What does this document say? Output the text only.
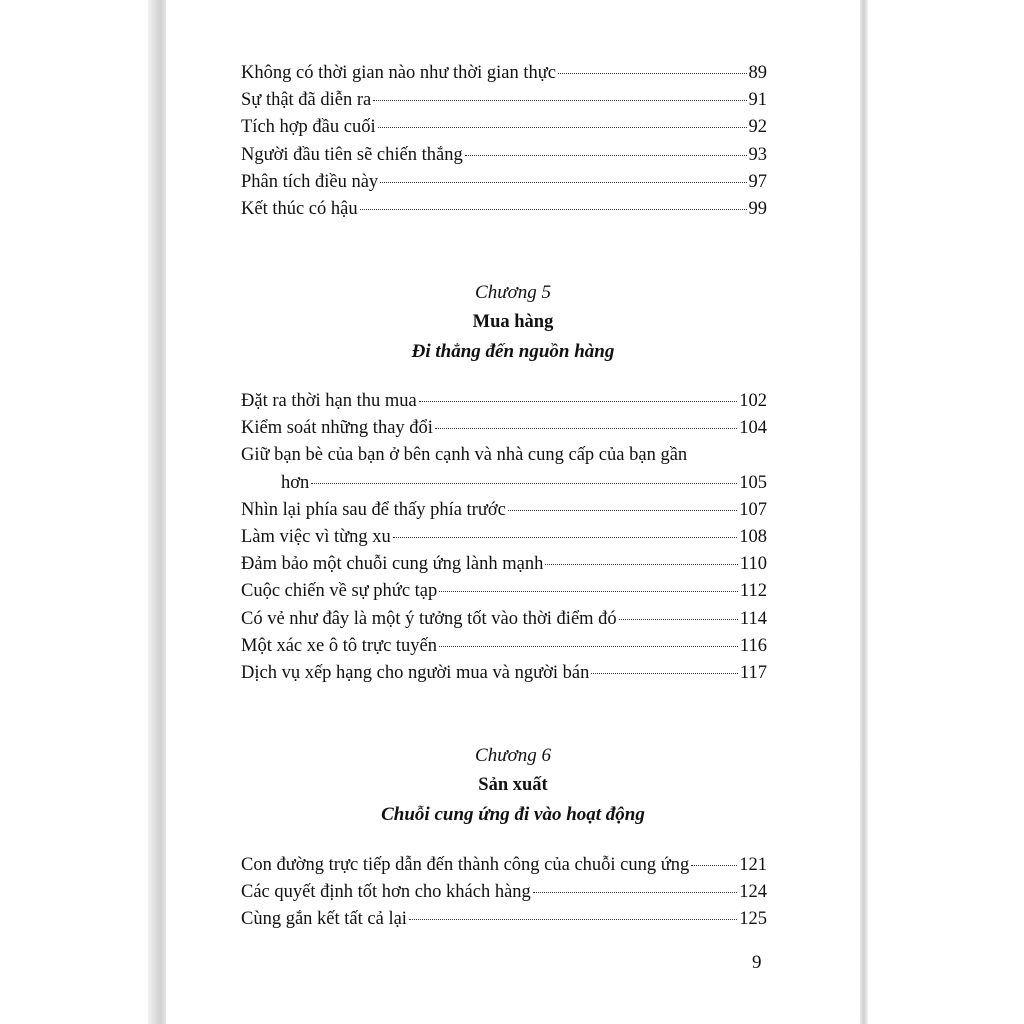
Không có thời gian nào như thời gian thực	89
Sự thật đã diễn ra	91
Tích hợp đầu cuối	92
Người đầu tiên sẽ chiến thắng	93
Phân tích điều này	97
Kết thúc có hậu	99
Chương 5
Mua hàng
Đi thẳng đến nguồn hàng
Đặt ra thời hạn thu mua	102
Kiểm soát những thay đổi	104
Giữ bạn bè của bạn ở bên cạnh và nhà cung cấp của bạn gần
hơn	105
Nhìn lại phía sau để thấy phía trước	107
Làm việc vì từng xu	108
Đảm bảo một chuỗi cung ứng lành mạnh	110
Cuộc chiến về sự phức tạp	112
Có vẻ như đây là một ý tưởng tốt vào thời điểm đó	114
Một xác xe ô tô trực tuyến	116
Dịch vụ xếp hạng cho người mua và người bán	117
Chương 6
Sản xuất
Chuỗi cung ứng đi vào hoạt động
Con đường trực tiếp dẫn đến thành công của chuỗi cung ứng	121
Các quyết định tốt hơn cho khách hàng	124
Cùng gắn kết tất cả lại	125
9
